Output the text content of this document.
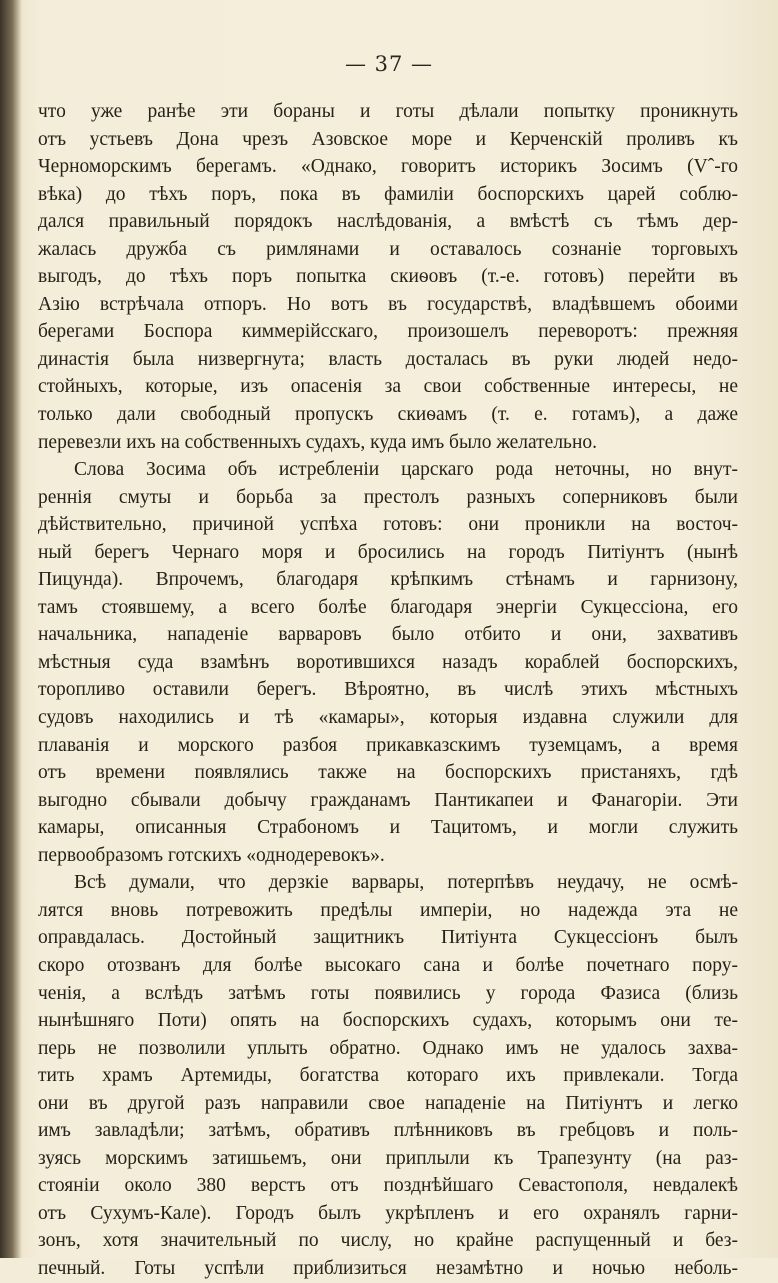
— 37 —
что уже ранѣе эти бораны и готы дѣлали попытку проникнуть
отъ устьевъ Дона чрезъ Азовское море и Керченскій проливъ къ
Черноморскимъ берегамъ. «Однако, говоритъ историкъ Зосимъ (Vˆ-го
вѣка) до тѣхъ поръ, пока въ фамиліи боспорскихъ царей соблю-
дался правильный порядокъ наслѣдованія, а вмѣстѣ съ тѣмъ дер-
жалась дружба съ римлянами и оставалось сознаніе торговыхъ
выгодъ, до тѣхъ поръ попытка скиѳовъ (т.-е. готовъ) перейти въ
Азію встрѣчала отпоръ. Но вотъ въ государствѣ, владѣвшемъ обоими
берегами Боспора киммерійсскаго, произошелъ переворотъ: прежняя
династія была низвергнута; власть досталась въ руки людей недо-
стойныхъ, которые, изъ опасенія за свои собственные интересы, не
только дали свободный пропускъ скиѳамъ (т. е. готамъ), а даже
перевезли ихъ на собственныхъ судахъ, куда имъ было желательно.
Слова Зосима объ истребленіи царскаго рода неточны, но внут-
реннія смуты и борьба за престолъ разныхъ соперниковъ были
дѣйствительно, причиной успѣха готовъ: они проникли на восточ-
ный берегъ Чернаго моря и бросились на городъ Питіунтъ (нынѣ
Пицунда). Впрочемъ, благодаря крѣпкимъ стѣнамъ и гарнизону,
тамъ стоявшему, а всего болѣе благодаря энергіи Сукцессіона, его
начальника, нападеніе варваровъ было отбито и они, захвативъ
мѣстныя суда взамѣнъ воротившихся назадъ кораблей боспорскихъ,
торопливо оставили берегъ. Вѣроятно, въ числѣ этихъ мѣстныхъ
судовъ находились и тѣ «камары», которыя издавна служили для
плаванія и морского разбоя прикавказскимъ туземцамъ, а время
отъ времени появлялись также на боспорскихъ пристаняхъ, гдѣ
выгодно сбывали добычу гражданамъ Пантикапеи и Фанагоріи. Эти
камары, описанныя Страбономъ и Тацитомъ, и могли служить
первообразомъ готскихъ «однодеревокъ».
Всѣ думали, что дерзкіе варвары, потерпѣвъ неудачу, не осмѣ-
лятся вновь потревожить предѣлы имперіи, но надежда эта не
оправдалась. Достойный защитникъ Питіунта Сукцессіонъ былъ
скоро отозванъ для болѣе высокаго сана и болѣе почетнаго пору-
ченія, а вслѣдъ затѣмъ готы появились у города Фазиса (близь
нынѣшняго Поти) опять на боспорскихъ судахъ, которымъ они те-
перь не позволили уплыть обратно. Однако имъ не удалось захва-
тить храмъ Артемиды, богатства котораго ихъ привлекали. Тогда
они въ другой разъ направили свое нападеніе на Питіунтъ и легко
имъ завладѣли; затѣмъ, обративъ плѣнниковъ въ гребцовъ и поль-
зуясь морскимъ затишьемъ, они приплыли къ Трапезунту (на раз-
стояніи около 380 верстъ отъ позднѣйшаго Севастополя, невдалекѣ
отъ Сухумъ-Кале). Городъ былъ укрѣпленъ и его охранялъ гарни-
зонъ, хотя значительный по числу, но крайне распущенный и без-
печный. Готы успѣли приблизиться незамѣтно и ночью неболь-
